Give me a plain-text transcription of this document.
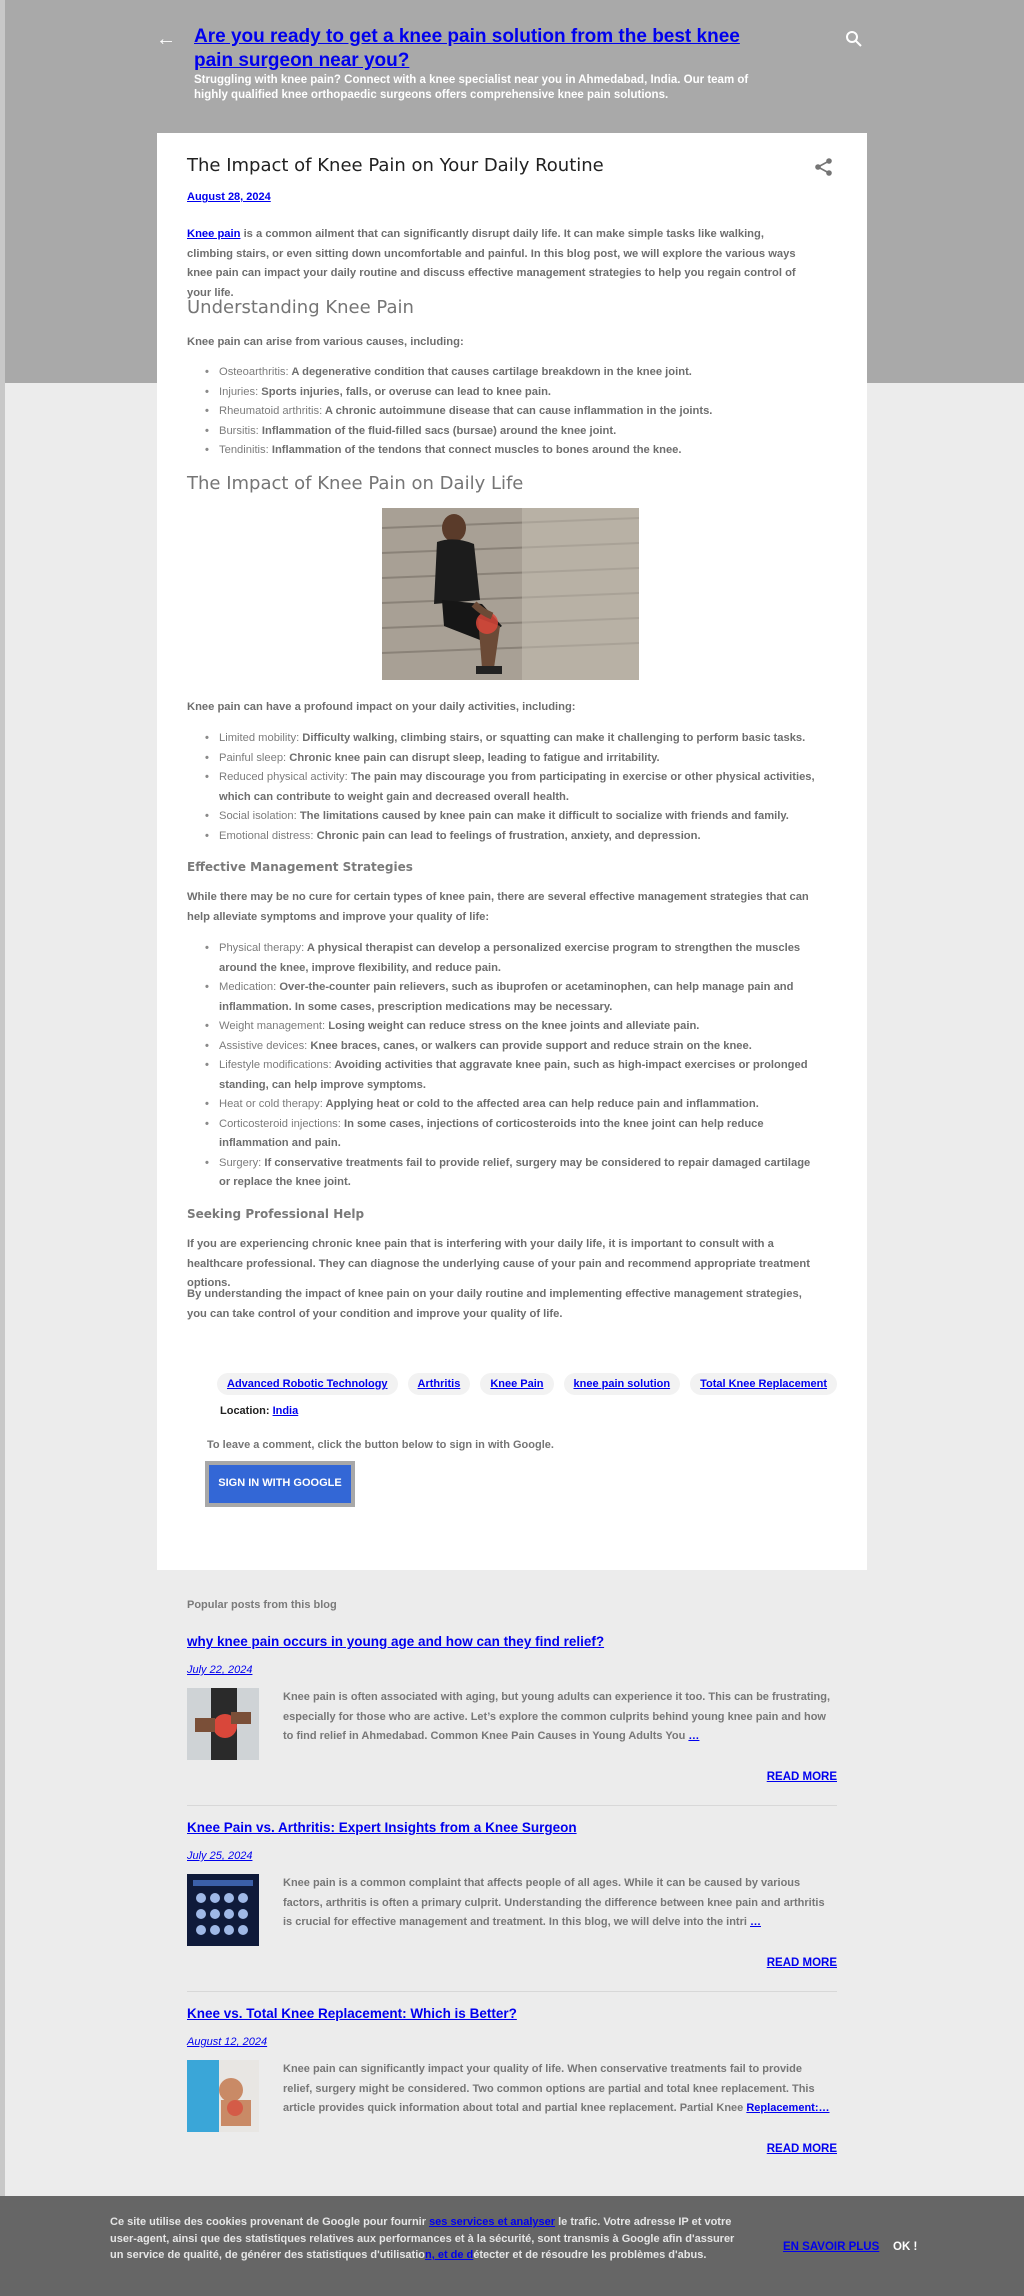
← Are you ready to get a knee pain solution from the best knee pain surgeon near you?
Struggling with knee pain? Connect with a knee specialist near you in Ahmedabad, India. Our team of highly qualified knee orthopaedic surgeons offers comprehensive knee pain solutions.
The Impact of Knee Pain on Your Daily Routine
August 28, 2024

Knee pain is a common ailment that can significantly disrupt daily life. It can make simple tasks like walking, climbing stairs, or even sitting down uncomfortable and painful. In this blog post, we will explore the various ways knee pain can impact your daily routine and discuss effective management strategies to help you regain control of your life.

Understanding Knee Pain

Knee pain can arise from various causes, including:

• Osteoarthritis: A degenerative condition that causes cartilage breakdown in the knee joint.
• Injuries: Sports injuries, falls, or overuse can lead to knee pain.
• Rheumatoid arthritis: A chronic autoimmune disease that can cause inflammation in the joints.
• Bursitis: Inflammation of the fluid-filled sacs (bursae) around the knee joint.
• Tendinitis: Inflammation of the tendons that connect muscles to bones around the knee.
The Impact of Knee Pain on Daily Life

Knee pain can have a profound impact on your daily activities, including:

• Limited mobility: Difficulty walking, climbing stairs, or squatting can make it challenging to perform basic tasks.
• Painful sleep: Chronic knee pain can disrupt sleep, leading to fatigue and irritability.
• Reduced physical activity: The pain may discourage you from participating in exercise or other physical activities, which can contribute to weight gain and decreased overall health.
• Social isolation: The limitations caused by knee pain can make it difficult to socialize with friends and family.
• Emotional distress: Chronic pain can lead to feelings of frustration, anxiety, and depression.
Effective Management Strategies

While there may be no cure for certain types of knee pain, there are several effective management strategies that can help alleviate symptoms and improve your quality of life:

• Physical therapy: A physical therapist can develop a personalized exercise program to strengthen the muscles around the knee, improve flexibility, and reduce pain.
• Medication: Over-the-counter pain relievers, such as ibuprofen or acetaminophen, can help manage pain and inflammation. In some cases, prescription medications may be necessary.
• Weight management: Losing weight can reduce stress on the knee joints and alleviate pain.
• Assistive devices: Knee braces, canes, or walkers can provide support and reduce strain on the knee.
• Lifestyle modifications: Avoiding activities that aggravate knee pain, such as high-impact exercises or prolonged standing, can help improve symptoms.
• Heat or cold therapy: Applying heat or cold to the affected area can help reduce pain and inflammation.
• Corticosteroid injections: In some cases, injections of corticosteroids into the knee joint can help reduce inflammation and pain.
• Surgery: If conservative treatments fail to provide relief, surgery may be considered to repair damaged cartilage or replace the knee joint.
Seeking Professional Help

If you are experiencing chronic knee pain that is interfering with your daily life, it is important to consult with a healthcare professional. They can diagnose the underlying cause of your pain and recommend appropriate treatment options.

By understanding the impact of knee pain on your daily routine and implementing effective management strategies, you can take control of your condition and improve your quality of life.

Advanced Robotic Technology	Arthritis	Knee Pain	knee pain solution	Total Knee Replacement
Location: India
To leave a comment, click the button below to sign in with Google.
SIGN IN WITH GOOGLE
Popular posts from this blog
why knee pain occurs in young age and how can they find relief?
July 22, 2024
Knee pain is often associated with aging, but young adults can experience it too. This can be frustrating, especially for those who are active. Let’s explore the common culprits behind young knee pain and how to find relief in Ahmedabad. Common Knee Pain Causes in Young Adults You …
READ MORE
Knee Pain vs. Arthritis: Expert Insights from a Knee Surgeon
July 25, 2024
Knee pain is a common complaint that affects people of all ages. While it can be caused by various factors, arthritis is often a primary culprit. Understanding the difference between knee pain and arthritis is crucial for effective management and treatment. In this blog, we will delve into the intri …
READ MORE
Knee vs. Total Knee Replacement: Which is Better?
August 12, 2024
Knee pain can significantly impact your quality of life. When conservative treatments fail to provide relief, surgery might be considered. Two common options are partial and total knee replacement. This article provides quick information about total and partial knee replacement. Partial Knee Replacement:…
READ MORE
Ce site utilise des cookies provenant de Google pour fournir ses services et analyser le trafic. Votre adresse IP et votre user-agent, ainsi que des statistiques relatives aux performances et à la sécurité, sont transmis à Google afin d'assurer un service de qualité, de générer des statistiques d'utilisation, et de détecter et de résoudre les problèmes d'abus.
EN SAVOIR PLUS OK !
